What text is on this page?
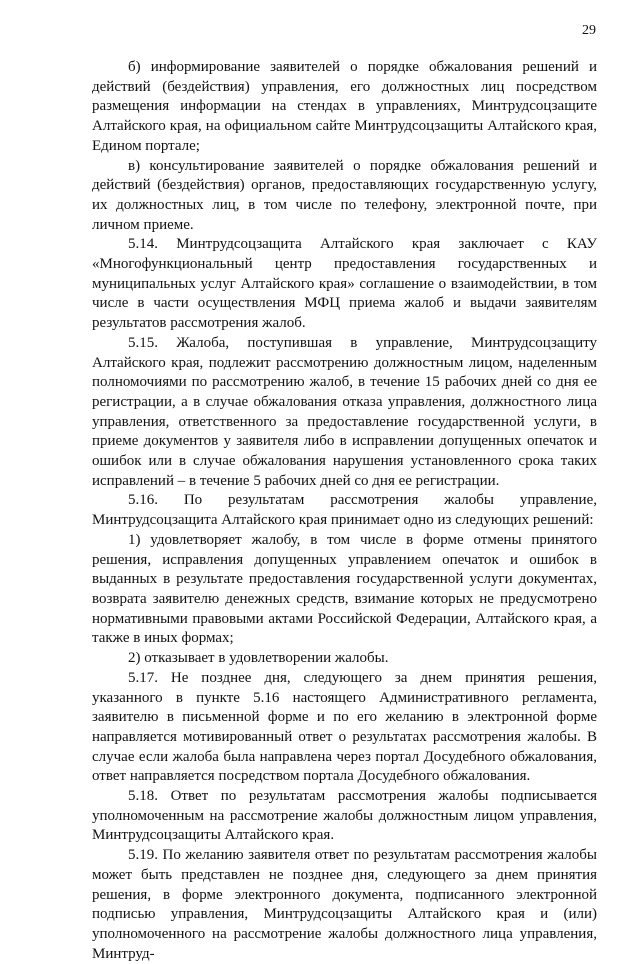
29

б) информирование заявителей о порядке обжалования решений и действий (бездействия) управления, его должностных лиц посредством размещения информации на стендах в управлениях, Минтрудсоцзащите Алтайского края, на официальном сайте Минтрудсоцзащиты Алтайского края, Едином портале;

в) консультирование заявителей о порядке обжалования решений и действий (бездействия) органов, предоставляющих государственную услугу, их должностных лиц, в том числе по телефону, электронной почте, при личном приеме.

5.14. Минтрудсоцзащита Алтайского края заключает с КАУ «Многофункциональный центр предоставления государственных и муниципальных услуг Алтайского края» соглашение о взаимодействии, в том числе в части осуществления МФЦ приема жалоб и выдачи заявителям результатов рассмотрения жалоб.

5.15. Жалоба, поступившая в управление, Минтрудсоцзащиту Алтайского края, подлежит рассмотрению должностным лицом, наделенным полномочиями по рассмотрению жалоб, в течение 15 рабочих дней со дня ее регистрации, а в случае обжалования отказа управления, должностного лица управления, ответственного за предоставление государственной услуги, в приеме документов у заявителя либо в исправлении допущенных опечаток и ошибок или в случае обжалования нарушения установленного срока таких исправлений – в течение 5 рабочих дней со дня ее регистрации.

5.16. По результатам рассмотрения жалобы управление, Минтрудсоцзащита Алтайского края принимает одно из следующих решений:

1) удовлетворяет жалобу, в том числе в форме отмены принятого решения, исправления допущенных управлением опечаток и ошибок в выданных в результате предоставления государственной услуги документах, возврата заявителю денежных средств, взимание которых не предусмотрено нормативными правовыми актами Российской Федерации, Алтайского края, а также в иных формах;

2) отказывает в удовлетворении жалобы.

5.17. Не позднее дня, следующего за днем принятия решения, указанного в пункте 5.16 настоящего Административного регламента, заявителю в письменной форме и по его желанию в электронной форме направляется мотивированный ответ о результатах рассмотрения жалобы. В случае если жалоба была направлена через портал Досудебного обжалования, ответ направляется посредством портала Досудебного обжалования.

5.18. Ответ по результатам рассмотрения жалобы подписывается уполномоченным на рассмотрение жалобы должностным лицом управления, Минтрудсоцзащиты Алтайского края.

5.19. По желанию заявителя ответ по результатам рассмотрения жалобы может быть представлен не позднее дня, следующего за днем принятия решения, в форме электронного документа, подписанного электронной подписью управления, Минтрудсоцзащиты Алтайского края и (или) уполномоченного на рассмотрение жалобы должностного лица управления, Минтруд-
